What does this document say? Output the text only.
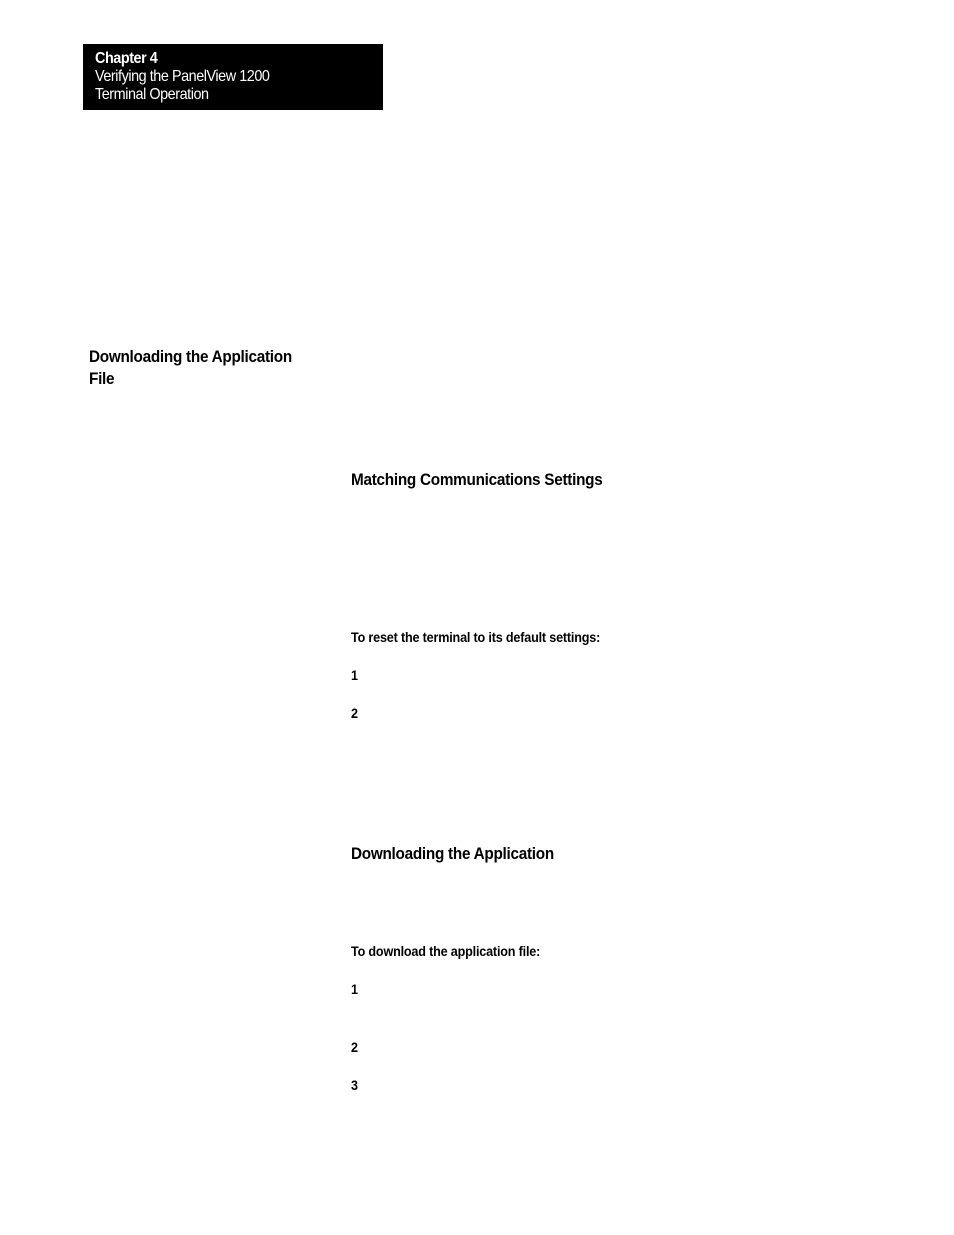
Chapter 4
Verifying the PanelView 1200
Terminal Operation
Downloading the Application
File
Matching Communications Settings
To reset the terminal to its default settings:
1
2
Downloading the Application
To download the application file:
1
2
3
